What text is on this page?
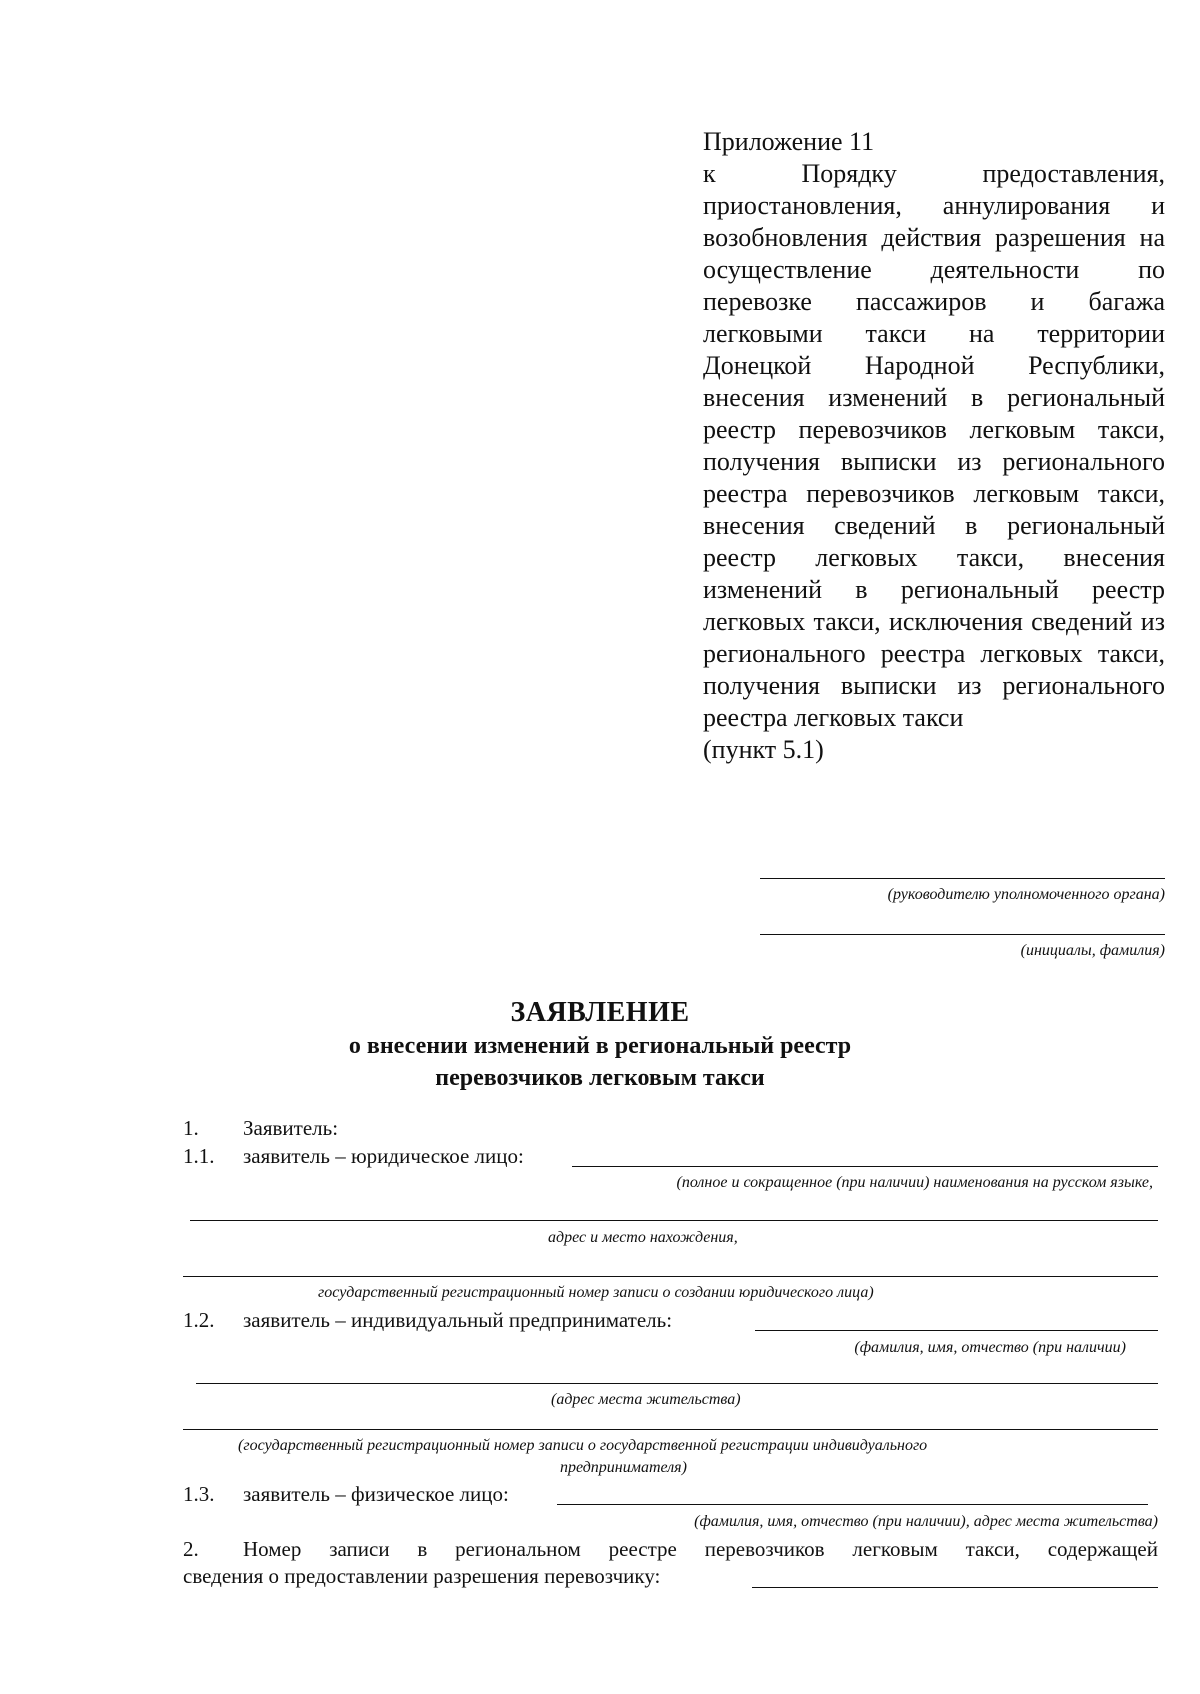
Приложение 11
к Порядку предоставления, приостановления, аннулирования и возобновления действия разрешения на осуществление деятельности по перевозке пассажиров и багажа легковыми такси на территории Донецкой Народной Республики, внесения изменений в региональный реестр перевозчиков легковым такси, получения выписки из регионального реестра перевозчиков легковым такси, внесения сведений в региональный реестр легковых такси, внесения изменений в региональный реестр легковых такси, исключения сведений из регионального реестра легковых такси, получения выписки из регионального реестра легковых такси
(пункт 5.1)
(руководителю уполномоченного органа)
(инициалы, фамилия)
ЗАЯВЛЕНИЕ
о внесении изменений в региональный реестр
перевозчиков легковым такси
1. Заявитель:
1.1. заявитель – юридическое лицо:
(полное и сокращенное (при наличии) наименования на русском языке,
адрес и место нахождения,
государственный регистрационный номер записи о создании юридического лица)
1.2. заявитель – индивидуальный предприниматель:
(фамилия, имя, отчество (при наличии)
(адрес места жительства)
(государственный регистрационный номер записи о государственной регистрации индивидуального
предпринимателя)
1.3. заявитель – физическое лицо:
(фамилия, имя, отчество (при наличии), адрес места жительства)
2. Номер записи в региональном реестре перевозчиков легковым такси, содержащей
сведения о предоставлении разрешения перевозчику:
